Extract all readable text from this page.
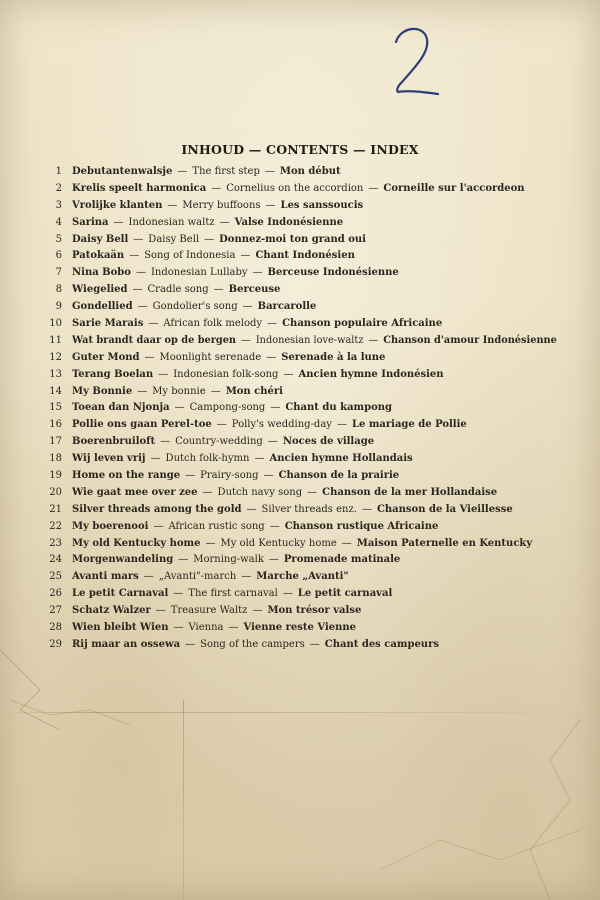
INHOUD — CONTENTS — INDEX
1	Debutantenwalsje — The first step — Mon début
2	Krelis speelt harmonica — Cornelius on the accordion — Corneille sur l'accordeon
3	Vrolijke klanten — Merry buffoons — Les sanssoucis
4	Sarina — Indonesian waltz — Valse Indonésienne
5	Daisy Bell — Daisy Bell — Donnez-moi ton grand oui
6	Patokaän — Song of Indonesia — Chant Indonésien
7	Nina Bobo — Indonesian Lullaby — Berceuse Indonésienne
8	Wiegelied — Cradle song — Berceuse
9	Gondellied — Gondolier's song — Barcarolle
10	Sarie Marais — African folk melody — Chanson populaire Africaine
11	Wat brandt daar op de bergen — Indonesian love-waltz — Chanson d'amour Indonésienne
12	Guter Mond — Moonlight serenade — Serenade à la lune
13	Terang Boelan — Indonesian folk-song — Ancien hymne Indonésien
14	My Bonnie — My bonnie — Mon chéri
15	Toean dan Njonja — Campong-song — Chant du kampong
16	Pollie ons gaan Perel-toe — Polly's wedding-day — Le mariage de Pollie
17	Boerenbruiloft — Country-wedding — Noces de village
18	Wij leven vrij — Dutch folk-hymn — Ancien hymne Hollandais
19	Home on the range — Prairy-song — Chanson de la prairie
20	Wie gaat mee over zee — Dutch navy song — Chanson de la mer Hollandaise
21	Silver threads among the gold — Silver threads enz. — Chanson de la Vieillesse
22	My boerenooi — African rustic song — Chanson rustique Africaine
23	My old Kentucky home — My old Kentucky home — Maison Paternelle en Kentucky
24	Morgenwandeling — Morning-walk — Promenade matinale
25	Avanti mars — „Avanti"-march — Marche „Avanti"
26	Le petit Carnaval — The first carnaval — Le petit carnaval
27	Schatz Walzer — Treasure Waltz — Mon trésor valse
28	Wien bleibt Wien — Vienna — Vienne reste Vienne
29	Rij maar an ossewa — Song of the campers — Chant des campeurs
